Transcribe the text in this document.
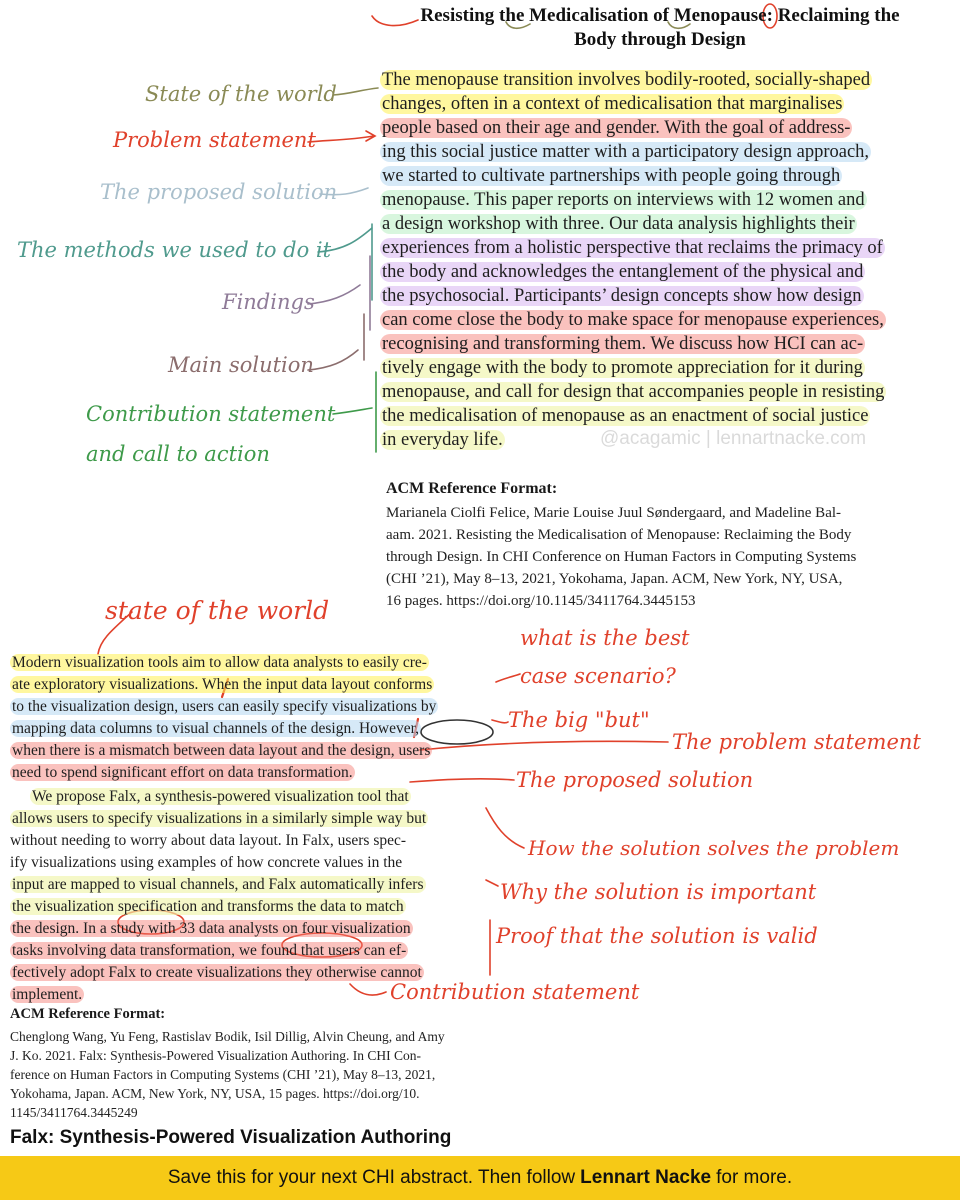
Resisting the Medicalisation of Menopause: Reclaiming the
Body through Design
The menopause transition involves bodily-rooted, socially-shaped
changes, often in a context of medicalisation that marginalises
people based on their age and gender. With the goal of address-
ing this social justice matter with a participatory design approach,
we started to cultivate partnerships with people going through
menopause. This paper reports on interviews with 12 women and
a design workshop with three. Our data analysis highlights their
experiences from a holistic perspective that reclaims the primacy of
the body and acknowledges the entanglement of the physical and
the psychosocial. Participants’ design concepts show how design
can come close the body to make space for menopause experiences,
recognising and transforming them. We discuss how HCI can ac-
tively engage with the body to promote appreciation for it during
menopause, and call for design that accompanies people in resisting
the medicalisation of menopause as an enactment of social justice
in everyday life.	@acagamic | lennartnacke.com
ACM Reference Format:
Marianela Ciolfi Felice, Marie Louise Juul Søndergaard, and Madeline Bal-
aam. 2021. Resisting the Medicalisation of Menopause: Reclaiming the Body
through Design. In CHI Conference on Human Factors in Computing Systems
(CHI ’21), May 8–13, 2021, Yokohama, Japan. ACM, New York, NY, USA,
16 pages. https://doi.org/10.1145/3411764.3445153
State of the world
Problem statement
The proposed solution
The methods we used to do it
Findings
Main solution
Contribution statement
and call to action
Modern visualization tools aim to allow data analysts to easily cre-
ate exploratory visualizations. When the input data layout conforms
to the visualization design, users can easily specify visualizations by
mapping data columns to visual channels of the design. However,
when there is a mismatch between data layout and the design, users
need to spend significant effort on data transformation.
We propose Falx, a synthesis-powered visualization tool that
allows users to specify visualizations in a similarly simple way but
without needing to worry about data layout. In Falx, users spec-
ify visualizations using examples of how concrete values in the
input are mapped to visual channels, and Falx automatically infers
the visualization specification and transforms the data to match
the design. In a study with 33 data analysts on four visualization
tasks involving data transformation, we found that users can ef-
fectively adopt Falx to create visualizations they otherwise cannot
implement.
ACM Reference Format:
Chenglong Wang, Yu Feng, Rastislav Bodik, Isil Dillig, Alvin Cheung, and Amy
J. Ko. 2021. Falx: Synthesis-Powered Visualization Authoring. In CHI Con-
ference on Human Factors in Computing Systems (CHI ’21), May 8–13, 2021,
Yokohama, Japan. ACM, New York, NY, USA, 15 pages. https://doi.org/10.
1145/3411764.3445249
Falx: Synthesis-Powered Visualization Authoring
state of the world
what is the best
case scenario?
The big "but"
The problem statement
The proposed solution
How the solution solves the problem
Why the solution is important
Proof that the solution is valid
Contribution statement
Save this for your next CHI abstract. Then follow Lennart Nacke for more.
